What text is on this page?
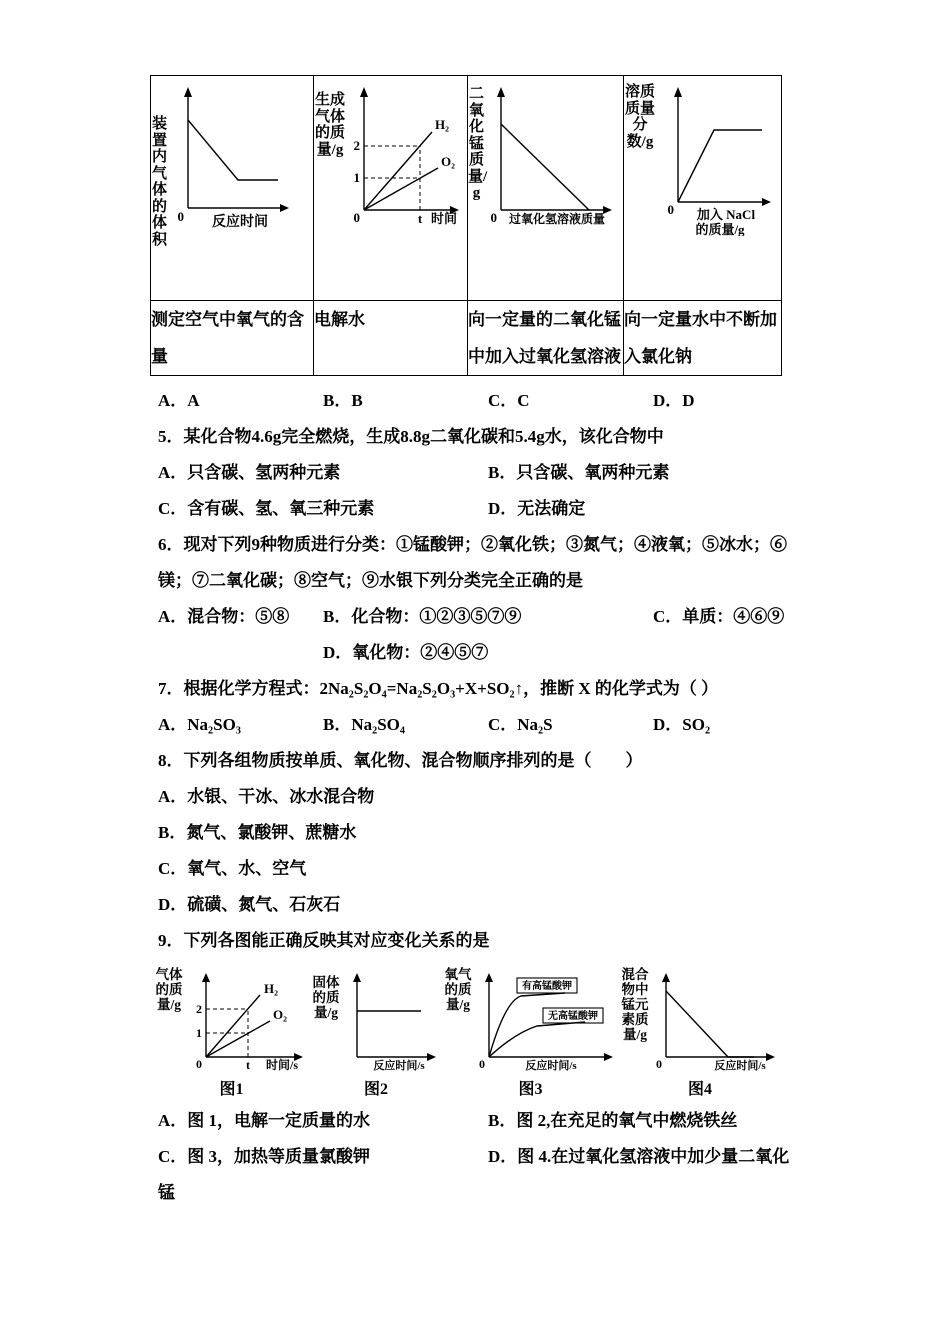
装置内气体的体积
0 反应时间

生成气体的质量/g 2
1
0	t 时间
H₂
O₂

二氧化锰质量/g
0 过氧化氢溶液质量

溶质质量分数/g
0 加入 NaCl
的质量/g

测定空气中氧气的含量	电解水	向一定量的二氧化锰中加入过氧化氢溶液	向一定量水中不断加入氯化钠
A．A	B．B	C．C	D．D

5．某化合物4.6g完全燃烧，生成8.8g二氧化碳和5.4g水，该化合物中

A．只含碳、氢两种元素	B．只含碳、氧两种元素
C．含有碳、氢、氧三种元素	D．无法确定

6．现对下列9种物质进行分类：①锰酸钾；②氧化铁；③氮气；④液氧；⑤冰水；⑥镁；⑦二氧化碳；⑧空气；⑨水银下列分类完全正确的是

A．混合物：⑤⑧	B．化合物：①②③⑤⑦⑨	C．单质：④⑥⑨
D．氧化物：②④⑤⑦

7．根据化学方程式：2Na₂S₂O₄=Na₂S₂O₃+X+SO₂↑，推断 X 的化学式为（ ）

A．Na₂SO₃	B．Na₂SO₄	C．Na₂S	D．SO₂

8．下列各组物质按单质、氧化物、混合物顺序排列的是（　　）

A．水银、干冰、冰水混合物

B．氮气、氯酸钾、蔗糖水

C．氧气、水、空气

D．硫磺、氮气、石灰石

9．下列各图能正确反映其对应变化关系的是

气体的质量/g 2
1
0	t 时间/s
H₂
O₂
图1
固体的质量/g
反应时间/s
图2
氧气的质量/g
有高锰酸钾
无高锰酸钾
0	反应时间/s
图3
混合物中锰元素质量/g
0	反应时间/s
图4
A．图 1，电解一定质量的水	B．图 2,在充足的氧气中燃烧铁丝
C．图 3，加热等质量氯酸钾	D．图 4.在过氧化氢溶液中加少量二氧化

锰
